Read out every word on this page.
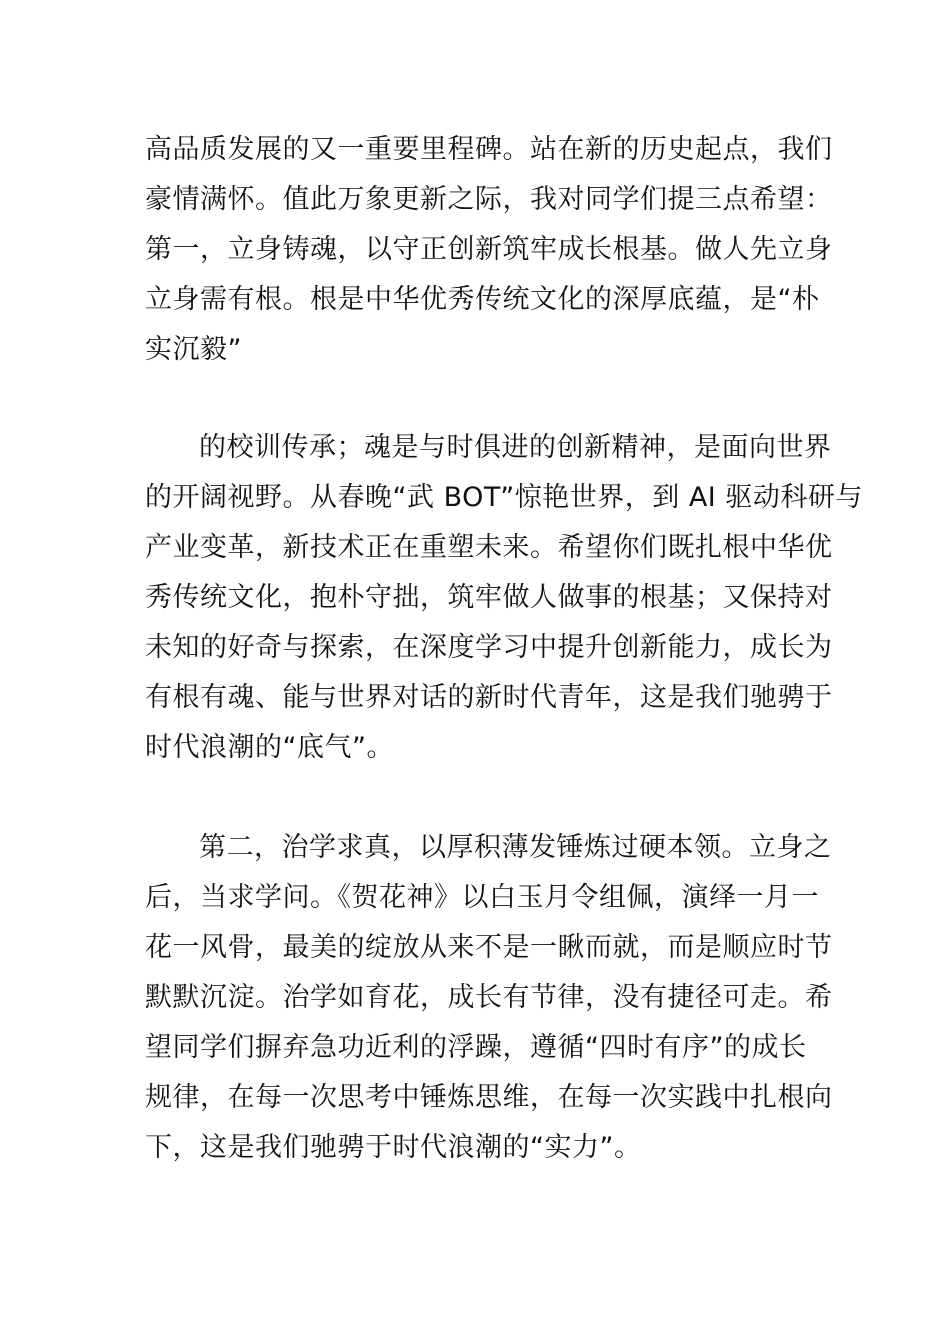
高品质发展的又一重要里程碑。站在新的历史起点，我们
豪情满怀。值此万象更新之际，我对同学们提三点希望：
第一，立身铸魂，以守正创新筑牢成长根基。做人先立身
立身需有根。根是中华优秀传统文化的深厚底蕴，是“朴
实沉毅”

的校训传承；魂是与时俱进的创新精神，是面向世界
的开阔视野。从春晚“武 BOT”惊艳世界，到 AI 驱动科研与
产业变革，新技术正在重塑未来。希望你们既扎根中华优
秀传统文化，抱朴守拙，筑牢做人做事的根基；又保持对
未知的好奇与探索，在深度学习中提升创新能力，成长为
有根有魂、能与世界对话的新时代青年，这是我们驰骋于
时代浪潮的“底气”。

第二，治学求真，以厚积薄发锤炼过硬本领。立身之
后，当求学问。《贺花神》以白玉月令组佩，演绎一月一
花一风骨，最美的绽放从来不是一瞅而就，而是顺应时节
默默沉淀。治学如育花，成长有节律，没有捷径可走。希
望同学们摒弃急功近利的浮躁，遵循“四时有序”的成长
规律，在每一次思考中锤炼思维，在每一次实践中扎根向
下，这是我们驰骋于时代浪潮的“实力”。
